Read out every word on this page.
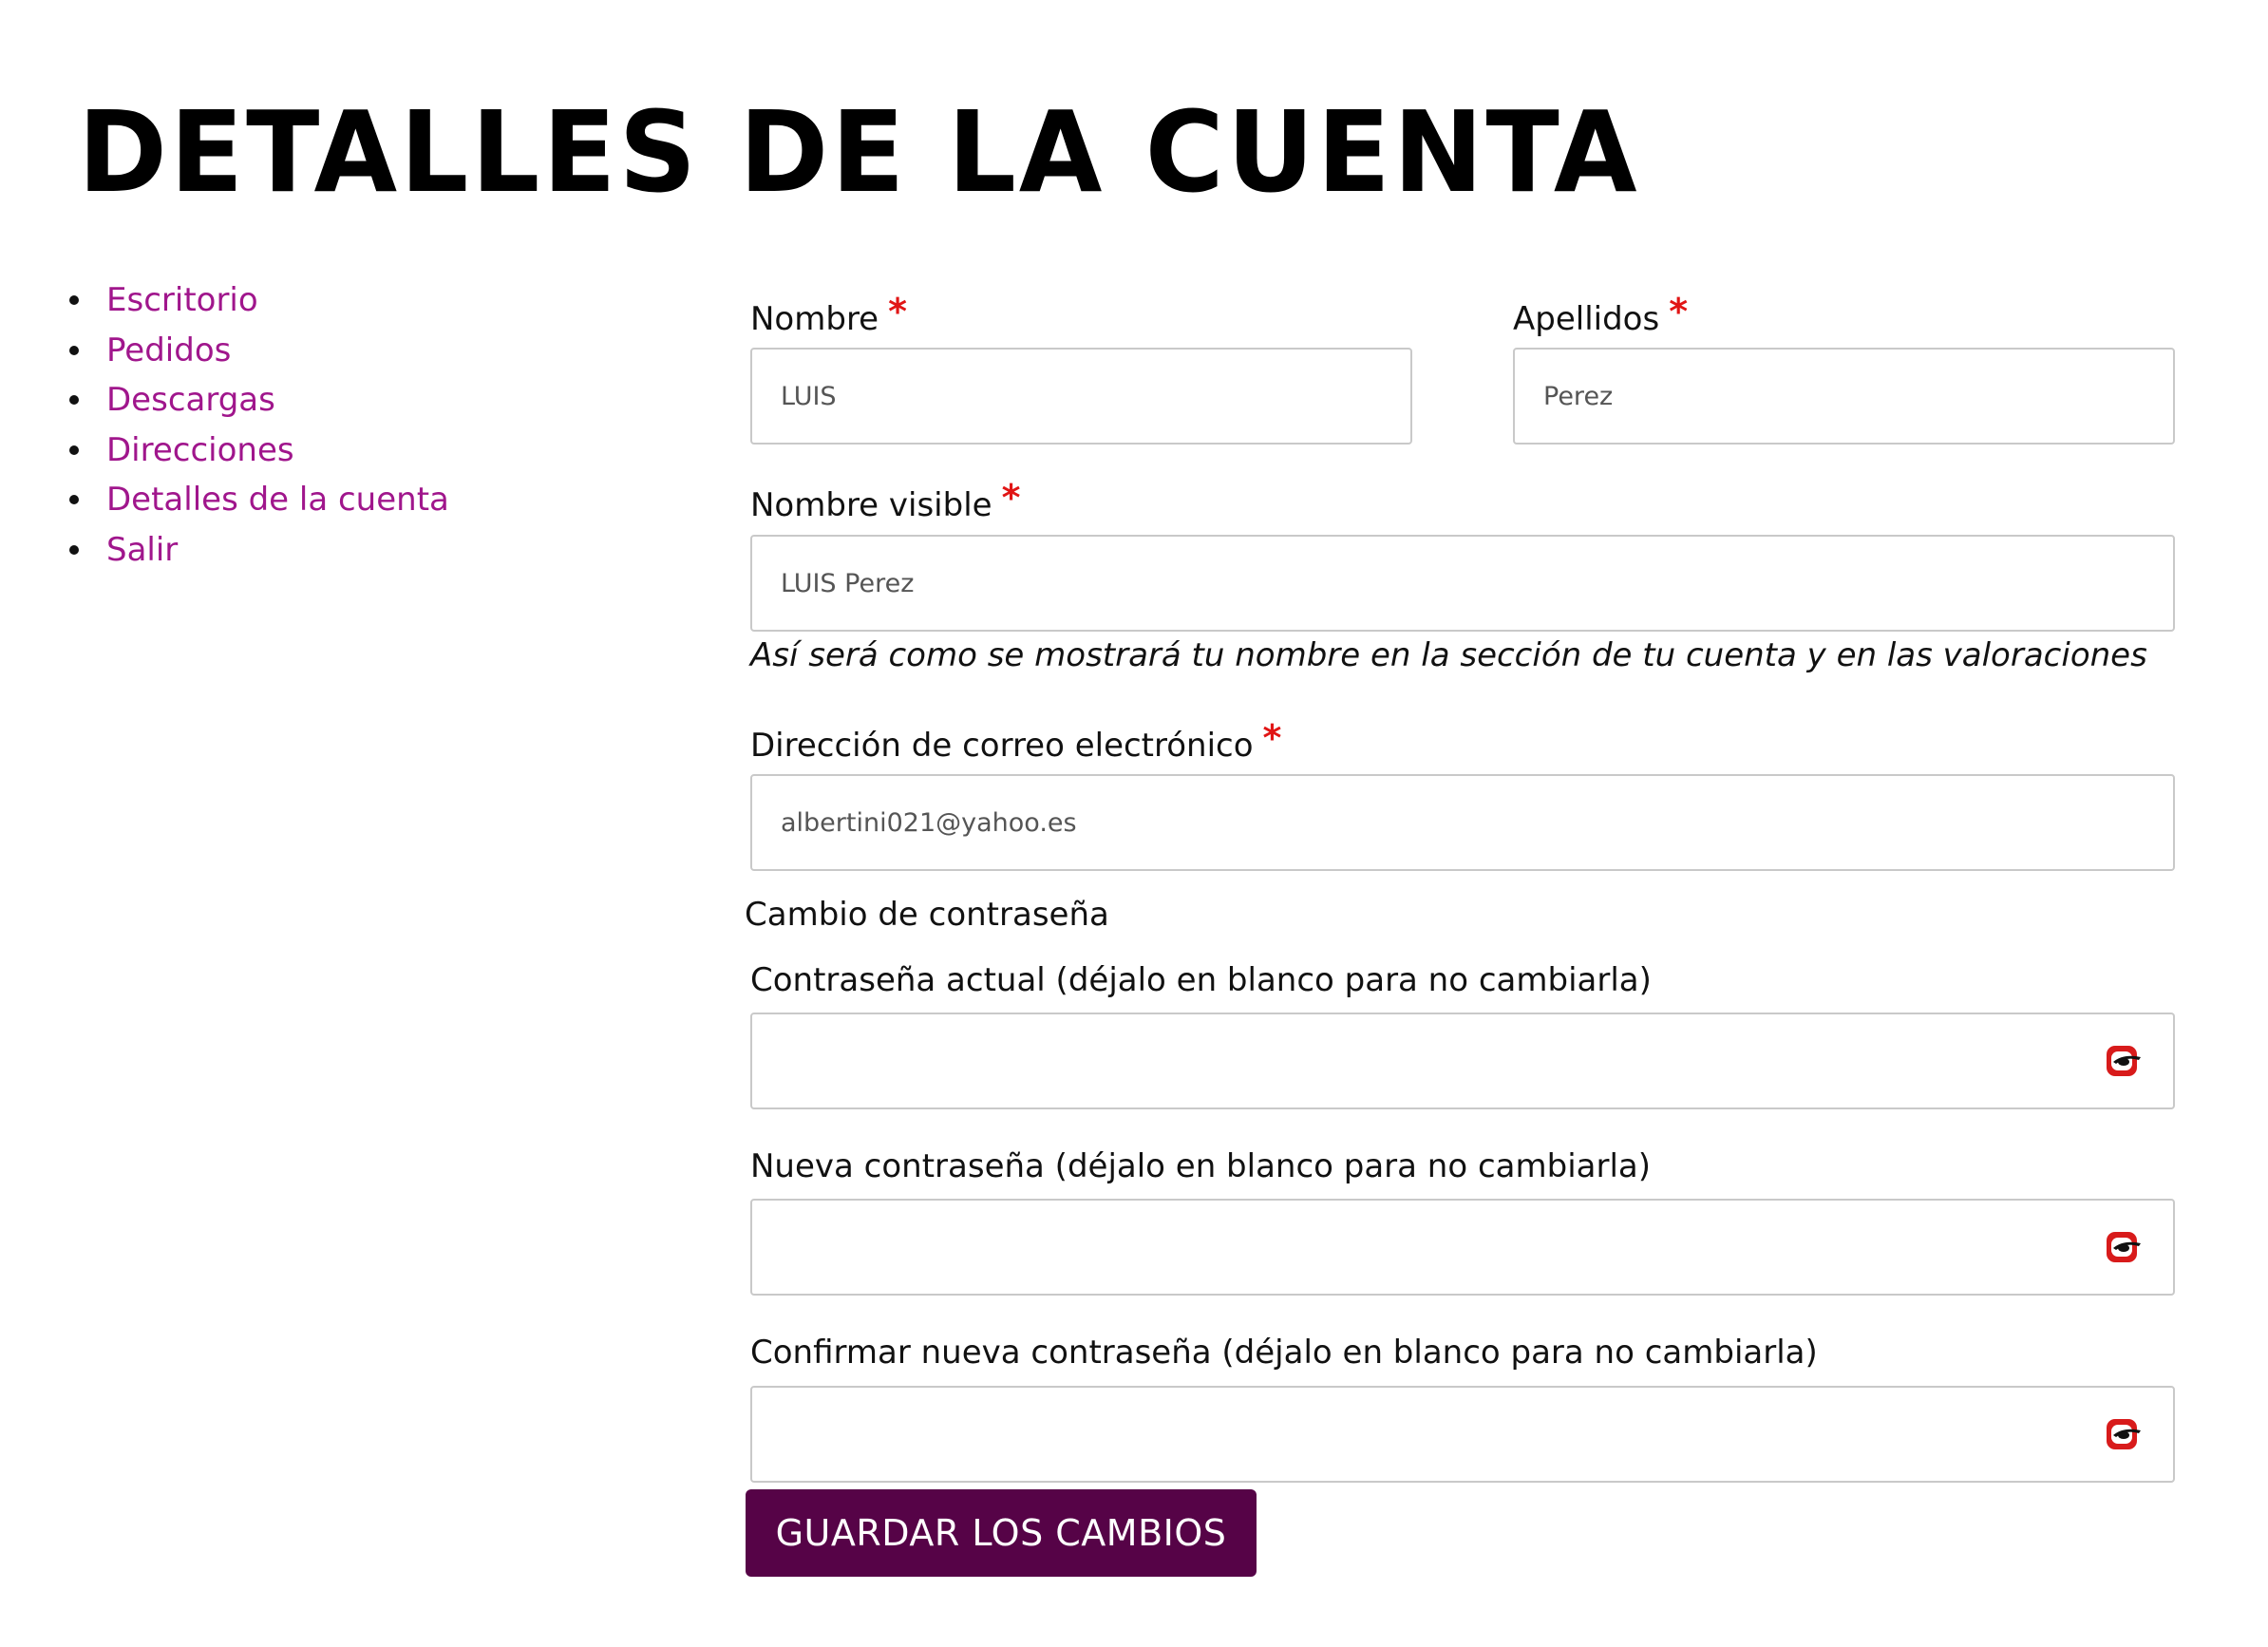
DETALLES DE LA CUENTA
Escritorio
Pedidos
Descargas
Direcciones
Detalles de la cuenta
Salir
Nombre *
LUIS	Apellidos *
Perez
Nombre visible *
LUIS Perez
Así será como se mostrará tu nombre en la sección de tu cuenta y en las valoraciones
Dirección de correo electrónico *
albertini021@yahoo.es
Cambio de contraseña
Contraseña actual (déjalo en blanco para no cambiarla)
Nueva contraseña (déjalo en blanco para no cambiarla)
Confirmar nueva contraseña (déjalo en blanco para no cambiarla)
GUARDAR LOS CAMBIOS
